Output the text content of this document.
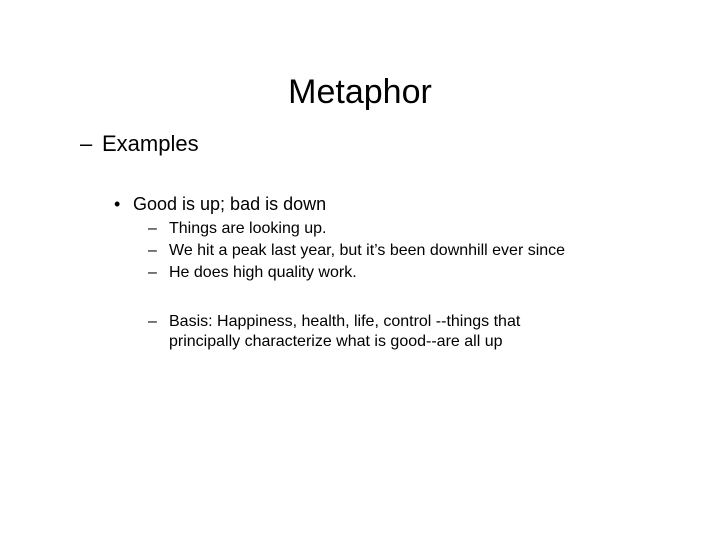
Metaphor
– Examples
• Good is up; bad is down
– Things are looking up.
– We hit a peak last year, but it’s been downhill ever since
– He does high quality work.
– Basis: Happiness, health, life, control --things that
principally characterize what is good--are all up
